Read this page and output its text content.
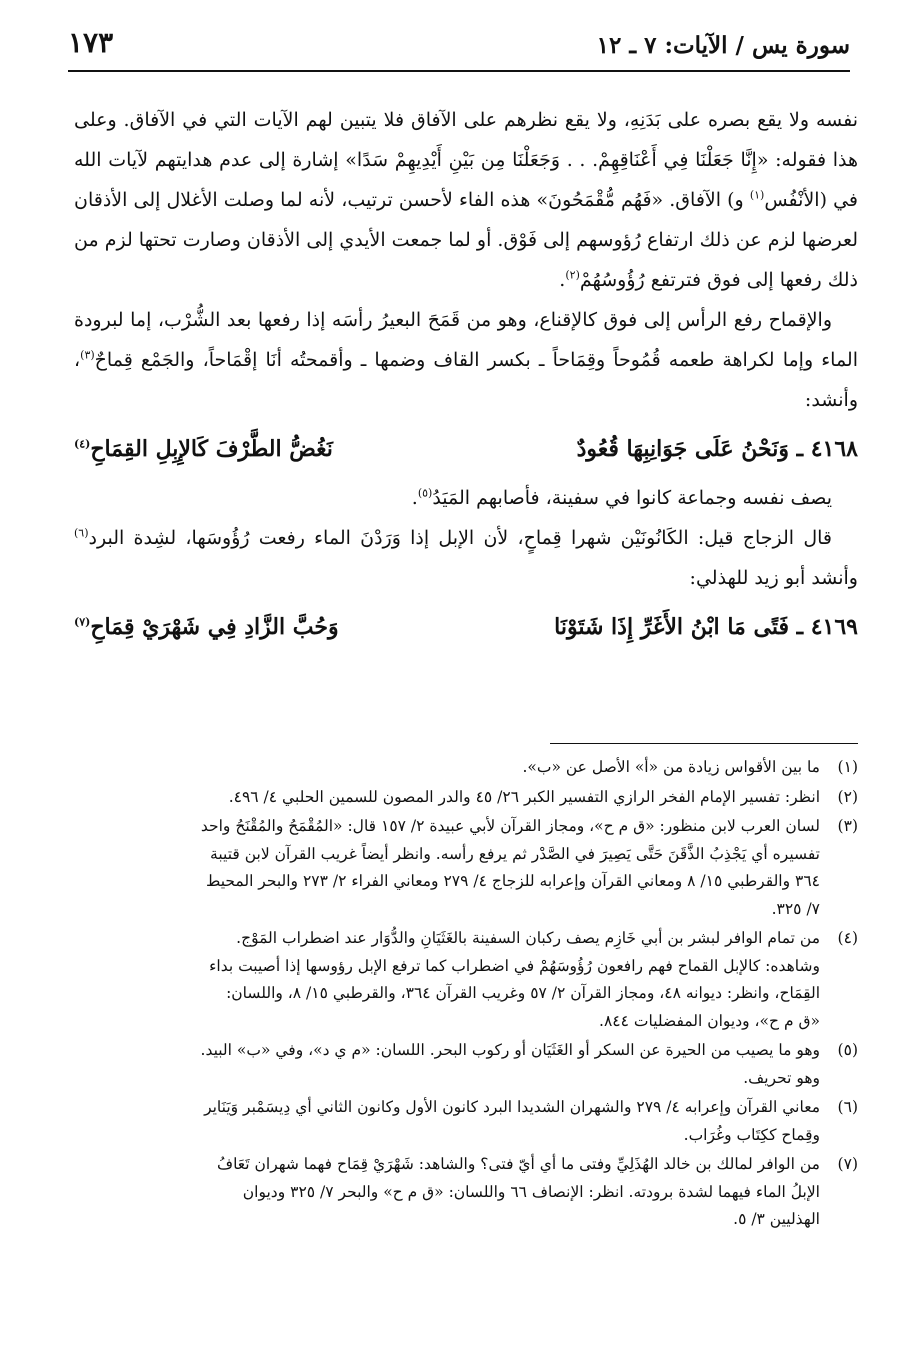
سورة يس / الآيات: ٧ ـ ١٢
١٧٣

نفسه ولا يقع بصره على بَدَنِهِ، ولا يقع نظرهم على الآفاق فلا يتبين لهم الآيات التي في الآفاق. وعلى هذا فقوله: «إِنَّا جَعَلْنَا فِي أَعْنَاقِهِمْ. . . وَجَعَلْنَا مِن بَيْنِ أَيْدِيهِمْ سَدًا» إشارة إلى عدم هدايتهم لآيات الله في (الأنْفُس$^{(١)}$ و) الآفاق. «فَهُم مُّقْمَحُونَ» هذه الفاء لأحسن ترتيب، لأنه لما وصلت الأغلال إلى الأذقان لعرضها لزم عن ذلك ارتفاع رُؤوسهم إلى فَوْق. أو لما جمعت الأيدي إلى الأذقان وصارت تحتها لزم من ذلك رفعها إلى فوق فترتفع رُؤُوسُهُمْ$^{(٢)}$.

والإقماح رفع الرأس إلى فوق كالإقناع، وهو من قَمَحَ البعيرُ رأسَه إذا رفعها بعد الشُّرْب، إما لبرودة الماء وإما لكراهة طعمه قُمُوحاً وقِمَاحاً ـ بكسر القاف وضمها ـ وأقمحتُه أنَا إقْمَاحاً، والجَمْع قِماحٌ$^{(٣)}$، وأنشد:

٤١٦٨ ـ وَنَحْنُ عَلَى جَوَانِبِهَا قُعُودٌ
نَغُضُّ الطَّرْفَ كَالإِبِلِ القِمَاحِ$^{(٤)}$

يصف نفسه وجماعة كانوا في سفينة، فأصابهم المَيَدُ$^{(٥)}$.

قال الزجاج قيل: الكَانُونَيْن شهرا قِماحٍ، لأن الإبل إذا وَرَدْنَ الماء رفعت رُؤُوسَها، لشِدة البرد$^{(٦)}$ وأنشد أبو زيد للهذلي:

٤١٦٩ ـ فَتًى مَا ابْنُ الأَغَرِّ إِذَا شَتَوْنَا
وَحُبَّ الزَّادِ فِي شَهْرَيْ قِمَاحِ$^{(٧)}$
(١)
ما بين الأقواس زيادة من «أ» الأصل عن «ب».
(٢)
انظر: تفسير الإمام الفخر الرازي التفسير الكبر ٢٦/ ٤٥ والدر المصون للسمين الحلبي ٤/ ٤٩٦.
(٣)
لسان العرب لابن منظور: «ق م ح»، ومجاز القرآن لأبي عبيدة ٢/ ١٥٧ قال: «المُقْمَحُ والمُقْنَحُ واحد
تفسيره أي يَجْذِبُ الذَّقَنَ حَتَّى يَصِيرَ في الصَّدْر ثم يرفع رأسه. وانظر أيضاً غريب القرآن لابن قتيبة
٣٦٤ والقرطبي ١٥/ ٨ ومعاني القرآن وإعرابه للزجاج ٤/ ٢٧٩ ومعاني الفراء ٢/ ٢٧٣ والبحر المحيط
٧/ ٣٢٥.
(٤)
من تمام الوافر لبشر بن أبي خَازِم يصف ركبان السفينة بالغَثَيَانِ والدُّوَار عند اضطراب المَوْج.
وشاهده: كالإبل القماح فهم رافعون رُؤُوسَهُمْ في اضطراب كما ترفع الإبل رؤوسها إذا أصيبت بداء
القِمَاح، وانظر: ديوانه ٤٨، ومجاز القرآن ٢/ ٥٧ وغريب القرآن ٣٦٤، والقرطبي ١٥/ ٨، واللسان:
«ق م ح»، وديوان المفضليات ٨٤٤.
(٥)
وهو ما يصيب من الحيرة عن السكر أو الغَثَيَان أو ركوب البحر. اللسان: «م ي د»، وفي «ب» البيد.
وهو تحريف.
(٦)
معاني القرآن وإعرابه ٤/ ٢٧٩ والشهران الشديدا البرد كانون الأول وكانون الثاني أي دِيسَمْبر وَيَنَاير
وقِماح ككِتَاب وغُرَاب.
(٧)
من الوافر لمالك بن خالد الهُذَلِيِّ وفتى ما أي أيّ فتى؟ والشاهد: شَهْرَيْ قِمَاح فهما شهران تَعَافُ
الإبلُ الماء فيهما لشدة برودته. انظر: الإنصاف ٦٦ واللسان: «ق م ح» والبحر ٧/ ٣٢٥ وديوان
الهذليين ٣/ ٥.
